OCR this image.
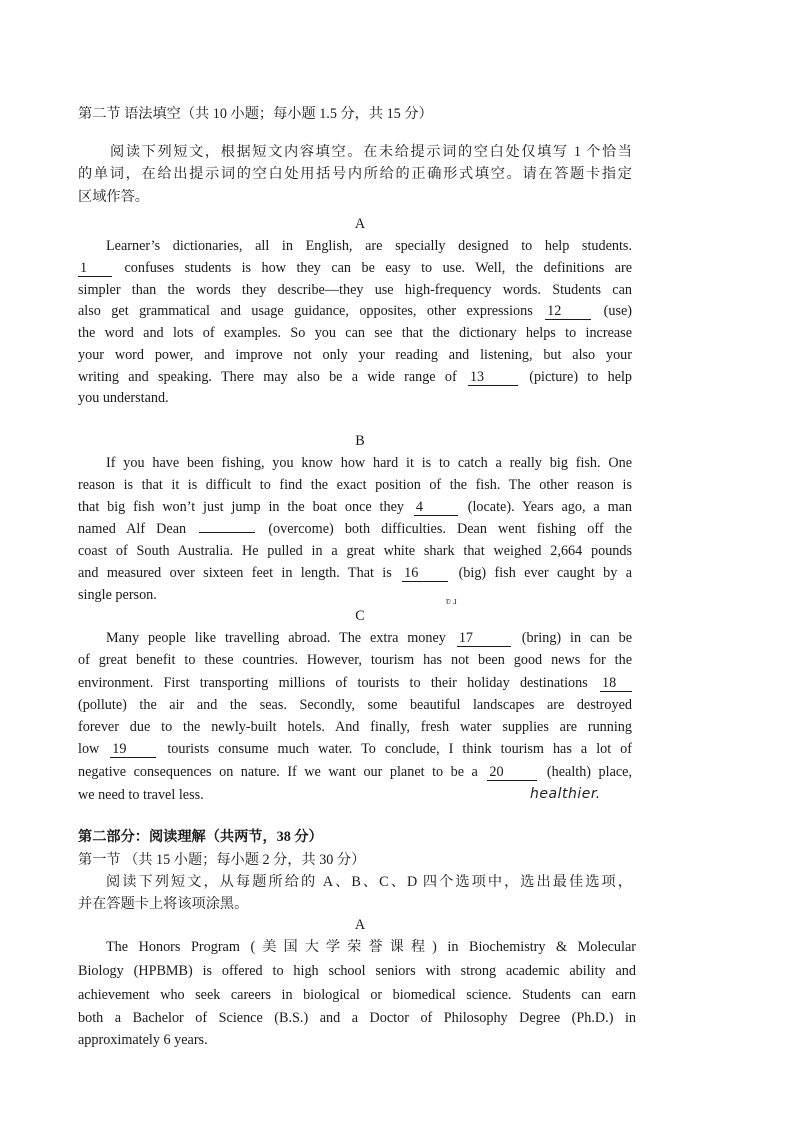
第二节 语法填空（共 10 小题；每小题 1.5 分，共 15 分）
阅读下列短文，根据短文内容填空。在未给提示词的空白处仅填写 1 个恰当
的单词，在给出提示词的空白处用括号内所给的正确形式填空。请在答题卡指定
区域作答。
A
Learner’s dictionaries, all in English, are specially designed to help students.
1	confuses students is how they can be easy to use. Well, the definitions are
simpler than the words they describe—they use high-frequency words. Students can
also get grammatical and usage guidance, opposites, other expressions 12	(use)
the word and lots of examples. So you can see that the dictionary helps to increase
your word power, and improve not only your reading and listening, but also your
writing and speaking. There may also be a wide range of 13	(picture) to help
you understand.
B
If you have been fishing, you know how hard it is to catch a really big fish. One
reason is that it is difficult to find the exact position of the fish. The other reason is
that big fish won’t just jump in the boat once they 4	(locate). Years ago, a man
named Alf Dean	(overcome) both difficulties. Dean went fishing off the
coast of South Australia. He pulled in a great white shark that weighed 2,664 pounds
and measured over sixteen feet in length. That is 16	(big) fish ever caught by a
single person.	ʋ ɹ
C
Many people like travelling abroad. The extra money 17	(bring) in can be
of great benefit to these countries. However, tourism has not been good news for the
environment. First transporting millions of tourists to their holiday destinations 18
(pollute) the air and the seas. Secondly, some beautiful landscapes are destroyed
forever due to the newly-built hotels. And finally, fresh water supplies are running
low 19	tourists consume much water. To conclude, I think tourism has a lot of
negative consequences on nature. If we want our planet to be a 20	(health) place,
we need to travel less.	healthier.
第二部分：阅读理解（共两节，38 分）
第一节 （共 15 小题；每小题 2 分，共 30 分）
阅读下列短文，从每题所给的 A、B、C、D 四个选项中，选出最佳选项，
并在答题卡上将该项涂黑。
A
The Honors Program (美国大学荣誉课程) in Biochemistry & Molecular
Biology (HPBMB) is offered to high school seniors with strong academic ability and
achievement who seek careers in biological or biomedical science. Students can earn
both a Bachelor of Science (B.S.) and a Doctor of Philosophy Degree (Ph.D.) in
approximately 6 years.
